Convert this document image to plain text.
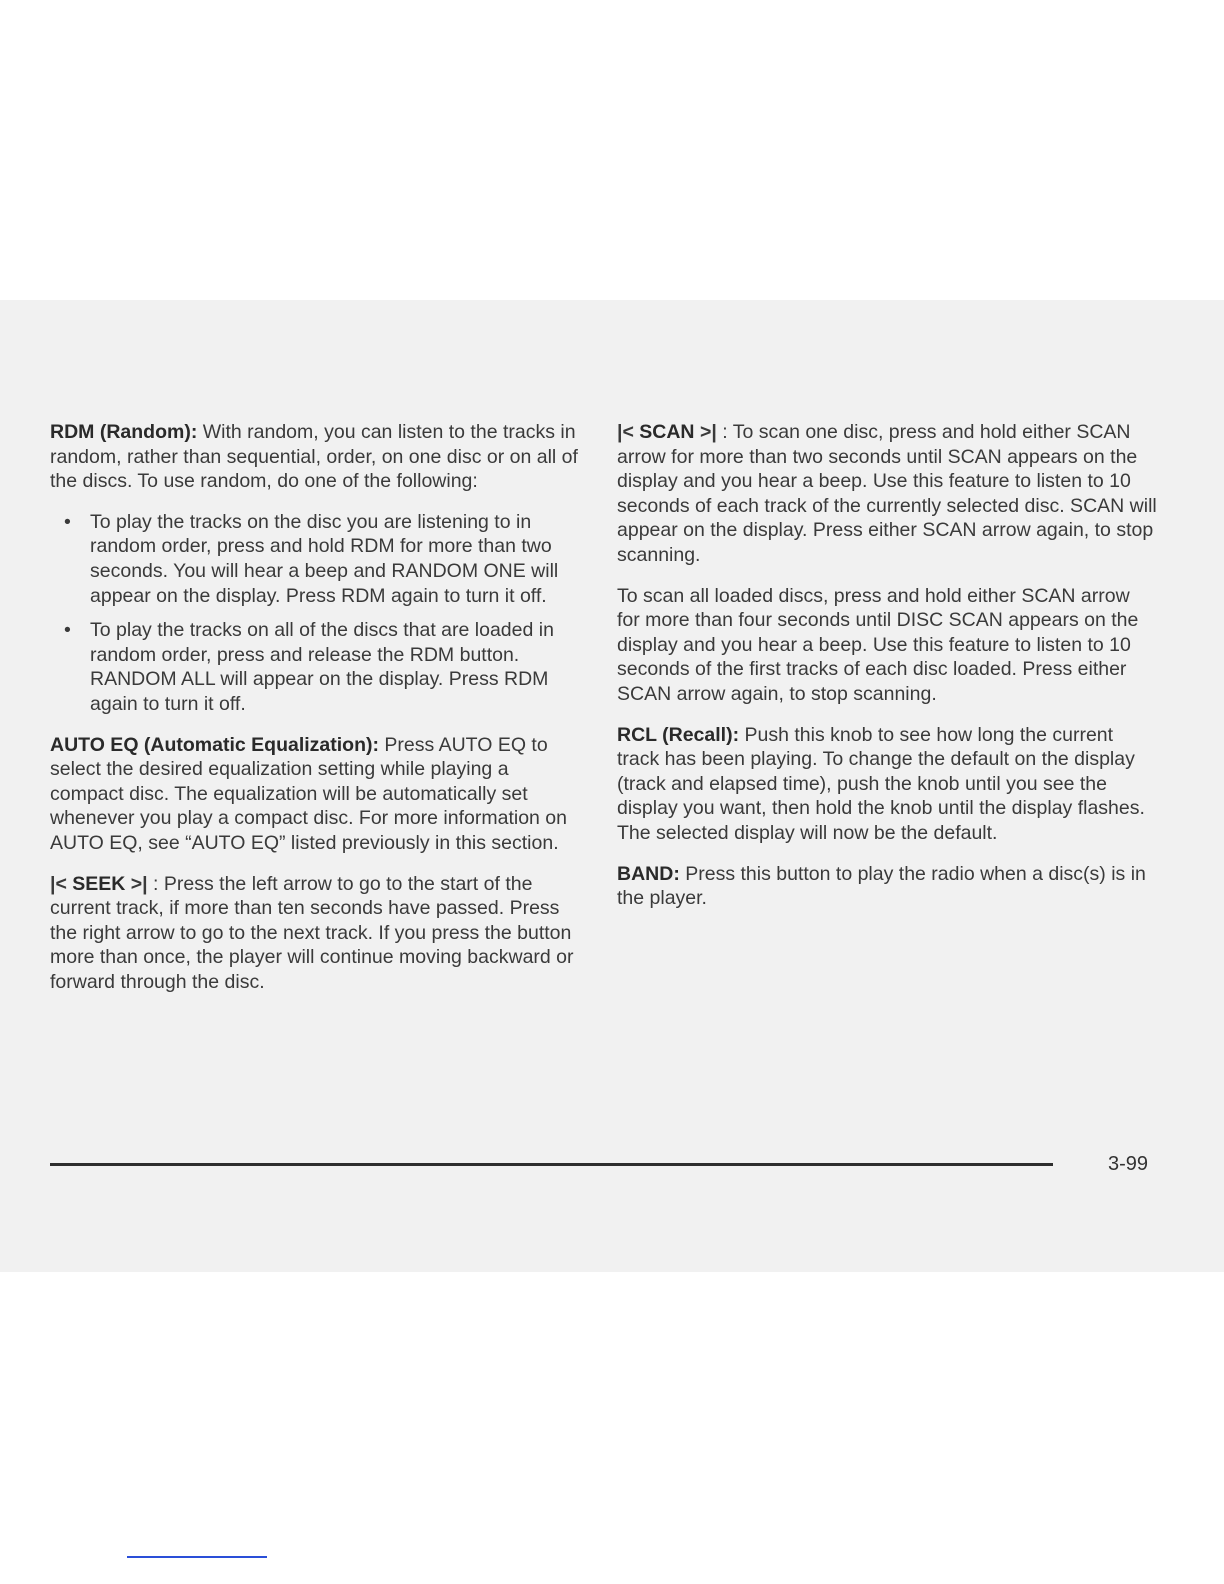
RDM (Random): With random, you can listen to the tracks in random, rather than sequential, order, on one disc or on all of the discs. To use random, do one of the following:

• To play the tracks on the disc you are listening to in random order, press and hold RDM for more than two seconds. You will hear a beep and RANDOM ONE will appear on the display. Press RDM again to turn it off.
• To play the tracks on all of the discs that are loaded in random order, press and release the RDM button. RANDOM ALL will appear on the display. Press RDM again to turn it off.

AUTO EQ (Automatic Equalization): Press AUTO EQ to select the desired equalization setting while playing a compact disc. The equalization will be automatically set whenever you play a compact disc. For more information on AUTO EQ, see “AUTO EQ” listed previously in this section.

|< SEEK >| : Press the left arrow to go to the start of the current track, if more than ten seconds have passed. Press the right arrow to go to the next track. If you press the button more than once, the player will continue moving backward or forward through the disc.

|< SCAN >| : To scan one disc, press and hold either SCAN arrow for more than two seconds until SCAN appears on the display and you hear a beep. Use this feature to listen to 10 seconds of each track of the currently selected disc. SCAN will appear on the display. Press either SCAN arrow again, to stop scanning.

To scan all loaded discs, press and hold either SCAN arrow for more than four seconds until DISC SCAN appears on the display and you hear a beep. Use this feature to listen to 10 seconds of the first tracks of each disc loaded. Press either SCAN arrow again, to stop scanning.

RCL (Recall): Push this knob to see how long the current track has been playing. To change the default on the display (track and elapsed time), push the knob until you see the display you want, then hold the knob until the display flashes. The selected display will now be the default.

BAND: Press this button to play the radio when a disc(s) is in the player.

3-99
